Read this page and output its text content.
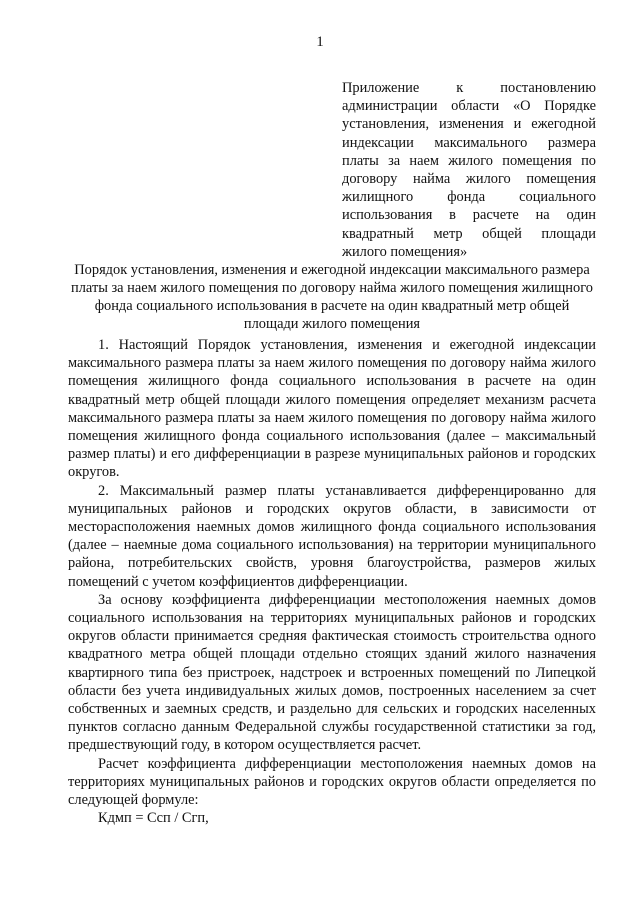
1
Приложение к постановлению администрации области «О Порядке установления, изменения и ежегодной индексации максимального размера платы за наем жилого помещения по договору найма жилого помещения жилищного фонда социального использования в расчете на один квадратный метр общей площади жилого помещения»
Порядок установления, изменения и ежегодной индексации максимального размера платы за наем жилого помещения по договору найма жилого помещения жилищного фонда социального использования в расчете на один квадратный метр общей площади жилого помещения

1. Настоящий Порядок установления, изменения и ежегодной индексации максимального размера платы за наем жилого помещения по договору найма жилого помещения жилищного фонда социального использования в расчете на один квадратный метр общей площади жилого помещения определяет механизм расчета максимального размера платы за наем жилого помещения по договору найма жилого помещения жилищного фонда социального использования (далее – максимальный размер платы) и его дифференциации в разрезе муниципальных районов и городских округов.

2. Максимальный размер платы устанавливается дифференцированно для муниципальных районов и городских округов области, в зависимости от месторасположения наемных домов жилищного фонда социального использования (далее – наемные дома социального использования) на территории муниципального района, потребительских свойств, уровня благоустройства, размеров жилых помещений с учетом коэффициентов дифференциации.

За основу коэффициента дифференциации местоположения наемных домов социального использования на территориях муниципальных районов и городских округов области принимается средняя фактическая стоимость строительства одного квадратного метра общей площади отдельно стоящих зданий жилого назначения квартирного типа без пристроек, надстроек и встроенных помещений по Липецкой области без учета индивидуальных жилых домов, построенных населением за счет собственных и заемных средств, и раздельно для сельских и городских населенных пунктов согласно данным Федеральной службы государственной статистики за год, предшествующий году, в котором осуществляется расчет.

Расчет коэффициента дифференциации местоположения наемных домов на территориях муниципальных районов и городских округов области определяется по следующей формуле:

Кдмп = Сcп / Сгп,
